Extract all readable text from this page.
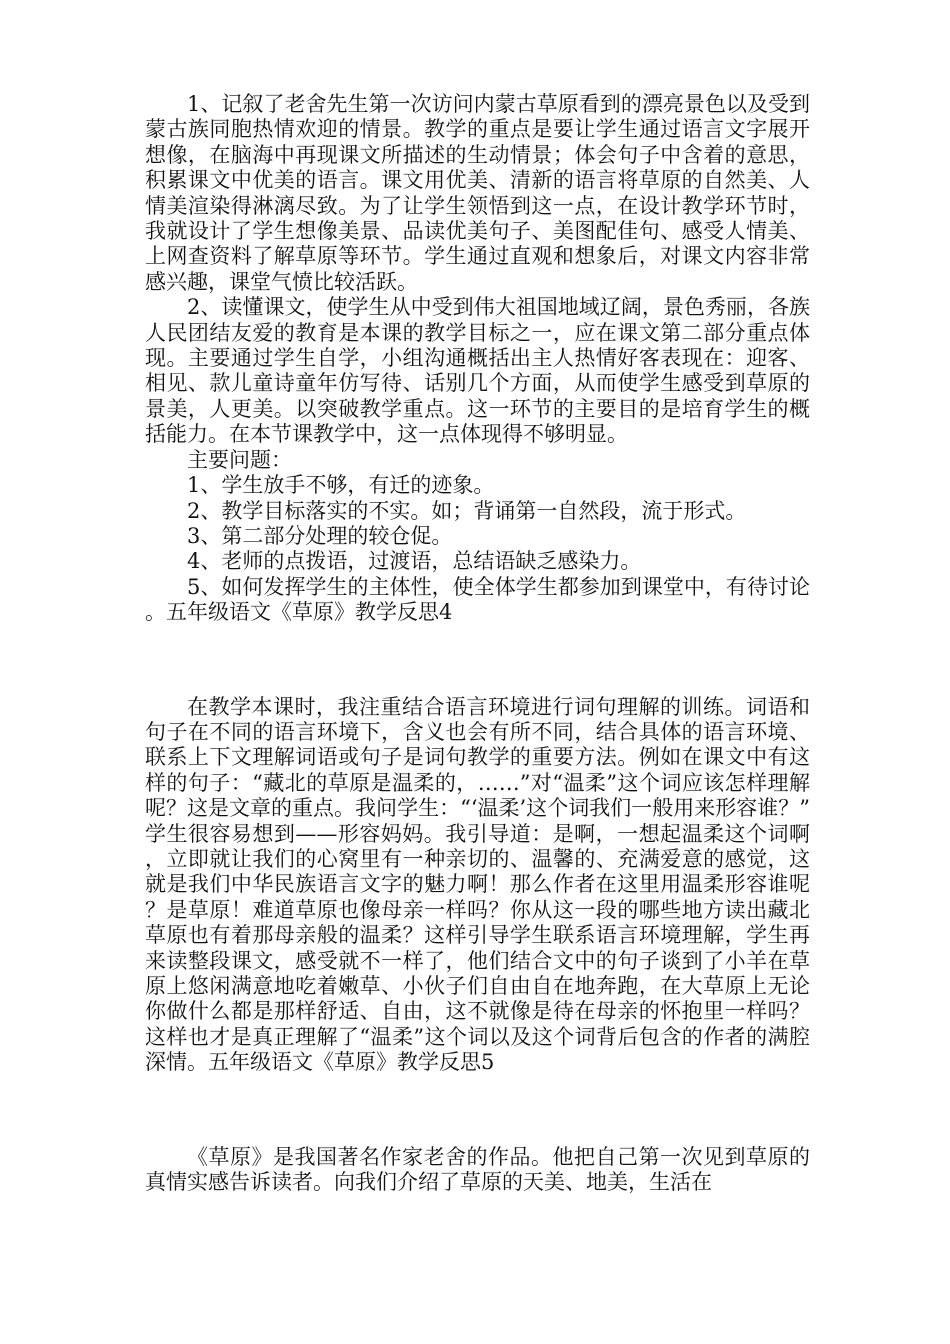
1、记叙了老舍先生第一次访问内蒙古草原看到的漂亮景色以及受到蒙古族同胞热情欢迎的情景。教学的重点是要让学生通过语言文字展开想像，在脑海中再现课文所描述的生动情景；体会句子中含着的意思，积累课文中优美的语言。课文用优美、清新的语言将草原的自然美、人情美渲染得淋漓尽致。为了让学生领悟到这一点，在设计教学环节时，我就设计了学生想像美景、品读优美句子、美图配佳句、感受人情美、上网查资料了解草原等环节。学生通过直观和想象后，对课文内容非常感兴趣，课堂气愤比较活跃。

2、读懂课文，使学生从中受到伟大祖国地域辽阔，景色秀丽，各族人民团结友爱的教育是本课的教学目标之一，应在课文第二部分重点体现。主要通过学生自学，小组沟通概括出主人热情好客表现在：迎客、相见、款儿童诗童年仿写待、话别几个方面，从而使学生感受到草原的景美，人更美。以突破教学重点。这一环节的主要目的是培育学生的概括能力。在本节课教学中，这一点体现得不够明显。

主要问题：

1、学生放手不够，有迁的迹象。

2、教学目标落实的不实。如；背诵第一自然段，流于形式。

3、第二部分处理的较仓促。

4、老师的点拨语，过渡语，总结语缺乏感染力。

5、如何发挥学生的主体性，使全体学生都参加到课堂中，有待讨论。五年级语文《草原》教学反思4

在教学本课时，我注重结合语言环境进行词句理解的训练。词语和句子在不同的语言环境下，含义也会有所不同，结合具体的语言环境、联系上下文理解词语或句子是词句教学的重要方法。例如在课文中有这样的句子：“藏北的草原是温柔的，……”对“温柔”这个词应该怎样理解呢？这是文章的重点。我问学生：“‘温柔’这个词我们一般用来形容谁？”学生很容易想到——形容妈妈。我引导道：是啊，一想起温柔这个词啊，立即就让我们的心窝里有一种亲切的、温馨的、充满爱意的感觉，这就是我们中华民族语言文字的魅力啊！那么作者在这里用温柔形容谁呢？是草原！难道草原也像母亲一样吗？你从这一段的哪些地方读出藏北草原也有着那母亲般的温柔？这样引导学生联系语言环境理解，学生再来读整段课文，感受就不一样了，他们结合文中的句子谈到了小羊在草原上悠闲满意地吃着嫩草、小伙子们自由自在地奔跑，在大草原上无论你做什么都是那样舒适、自由，这不就像是待在母亲的怀抱里一样吗？这样也才是真正理解了“温柔”这个词以及这个词背后包含的作者的满腔深情。五年级语文《草原》教学反思5

《草原》是我国著名作家老舍的作品。他把自己第一次见到草原的真情实感告诉读者。向我们介绍了草原的天美、地美，生活在
